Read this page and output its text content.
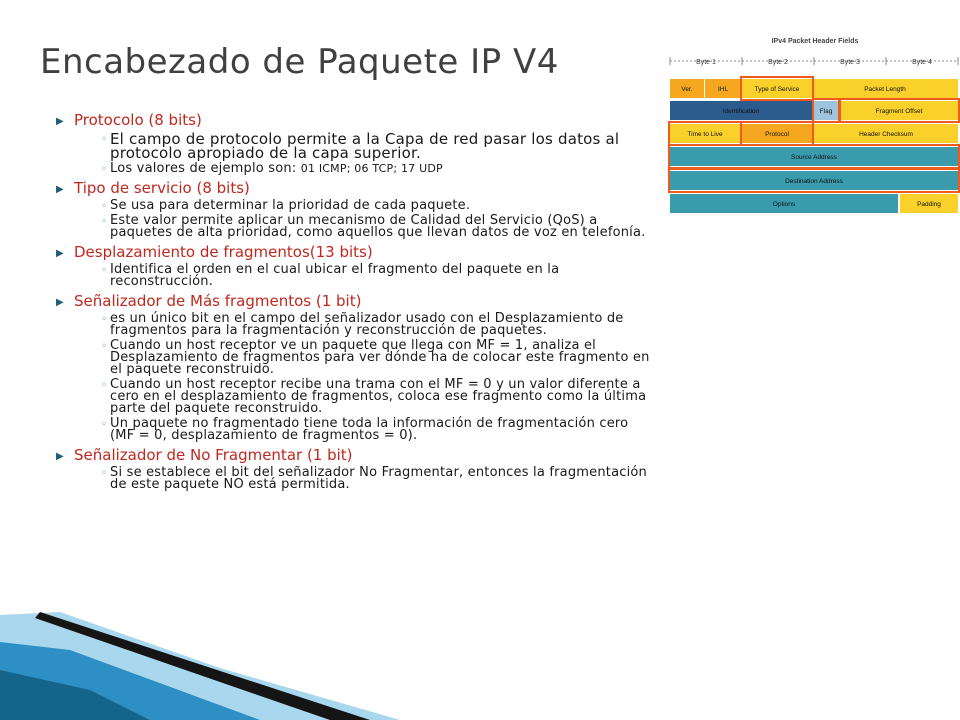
Encabezado de Paquete IP V4
▶ Protocolo (8 bits)
◦ El campo de protocolo permite a la Capa de red pasar los datos al protocolo apropiado de la capa superior.
◦ Los valores de ejemplo son: 01 ICMP; 06 TCP; 17 UDP
▶ Tipo de servicio (8 bits)
◦ Se usa para determinar la prioridad de cada paquete.
◦ Este valor permite aplicar un mecanismo de Calidad del Servicio (QoS) a paquetes de alta prioridad, como aquellos que llevan datos de voz en telefonía.
▶ Desplazamiento de fragmentos(13 bits)
◦ Identifica el orden en el cual ubicar el fragmento del paquete en la reconstrucción.
▶ Señalizador de Más fragmentos (1 bit)
◦ es un único bit en el campo del señalizador usado con el Desplazamiento de fragmentos para la fragmentación y reconstrucción de paquetes.
◦ Cuando un host receptor ve un paquete que llega con MF = 1, analiza el Desplazamiento de fragmentos para ver dónde ha de colocar este fragmento en el paquete reconstruido.
◦ Cuando un host receptor recibe una trama con el MF = 0 y un valor diferente a cero en el desplazamiento de fragmentos, coloca ese fragmento como la última parte del paquete reconstruido.
◦ Un paquete no fragmentado tiene toda la información de fragmentación cero (MF = 0, desplazamiento de fragmentos = 0).
▶ Señalizador de No Fragmentar (1 bit)
◦ Si se establece el bit del señalizador No Fragmentar, entonces la fragmentación de este paquete NO está permitida.
IPv4 Packet Header Fields
Byte 1	Byte 2	Byte 3	Byte 4
Ver.	IHL	Type of Service	Packet Length
Identification	Flag	Fragment Offset
Time to Live	Protocol	Header Checksum
Source Address
Destination Address
Options	Padding
